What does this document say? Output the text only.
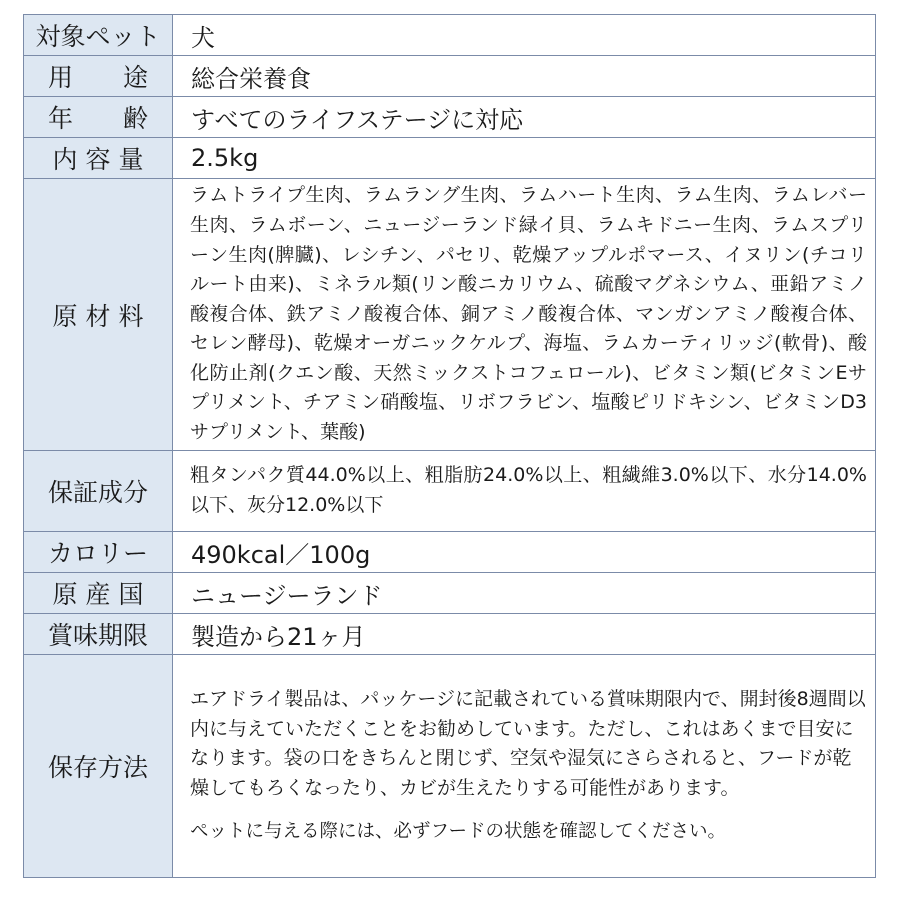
対象ペット	犬
用　　途	総合栄養食
年　　齢	すべてのライフステージに対応
内 容 量	2.5kg
原 材 料	ラムトライプ生肉、ラムラング生肉、ラムハート生肉、ラム生肉、ラムレバー生肉、ラムボーン、ニュージーランド緑イ貝、ラムキドニー生肉、ラムスプリーン生肉(脾臓)、レシチン、パセリ、乾燥アップルポマース、イヌリン(チコリルート由来)、ミネラル類(リン酸ニカリウム、硫酸マグネシウム、亜鉛アミノ酸複合体、鉄アミノ酸複合体、銅アミノ酸複合体、マンガンアミノ酸複合体、セレン酵母)、乾燥オーガニックケルプ、海塩、ラムカーティリッジ(軟骨)、酸化防止剤(クエン酸、天然ミックストコフェロール)、ビタミン類(ビタミンEサプリメント、チアミン硝酸塩、リボフラビン、塩酸ピリドキシン、ビタミンD3サプリメント、葉酸)
保証成分	粗タンパク質44.0%以上、粗脂肪24.0%以上、粗繊維3.0%以下、水分14.0%以下、灰分12.0%以下
カロリー	490kcal／100g
原 産 国	ニュージーランド
賞味期限	製造から21ヶ月
保存方法	エアドライ製品は、パッケージに記載されている賞味期限内で、開封後8週間以内に与えていただくことをお勧めしています。ただし、これはあくまで目安になります。袋の口をきちんと閉じず、空気や湿気にさらされると、フードが乾燥してもろくなったり、カビが生えたりする可能性があります。

ペットに与える際には、必ずフードの状態を確認してください。
